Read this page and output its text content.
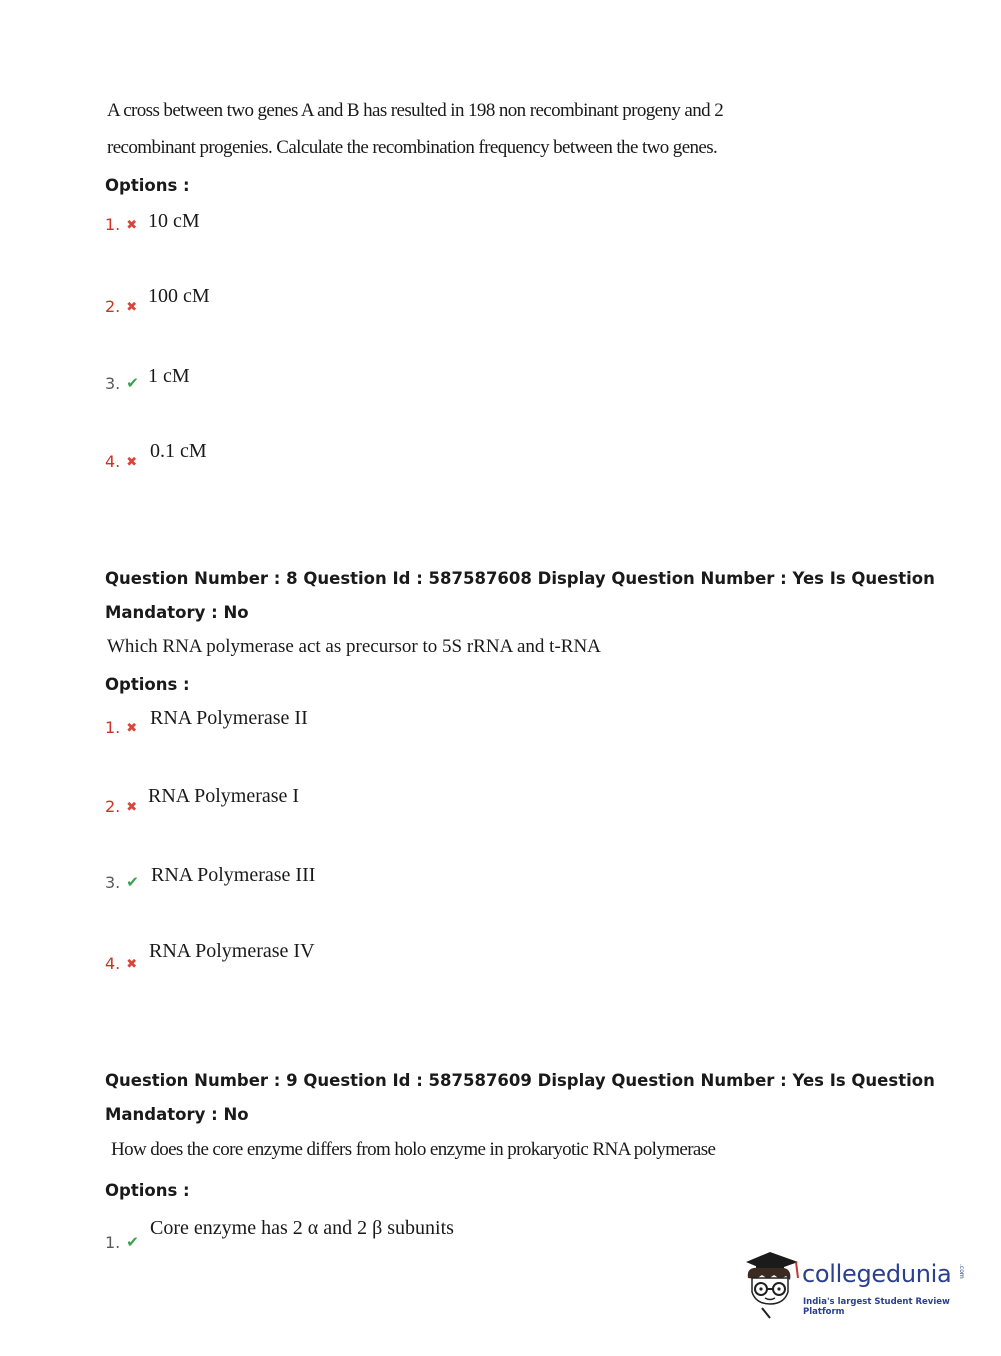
A cross between two genes A and B has resulted in 198 non recombinant progeny and 2
recombinant progenies. Calculate the recombination frequency between the two genes.
Options :
1. ✖ 10 cM
2. ✖
100 cM
3. ✔ 1 cM
4. ✖
0.1 cM
Question Number : 8 Question Id : 587587608 Display Question Number : Yes Is Question
Mandatory : No
Which RNA polymerase act as precursor to 5S rRNA and t-RNA
Options :
1. ✖ RNA Polymerase II
2. ✖
RNA Polymerase I
3. ✔ RNA Polymerase III
4. ✖
RNA Polymerase IV
Question Number : 9 Question Id : 587587609 Display Question Number : Yes Is Question
Mandatory : No
How does the core enzyme differs from holo enzyme in prokaryotic RNA polymerase
Options :
1. ✔
Core enzyme has 2 α and 2 β subunits
collegedunia .com
India's largest Student Review Platform
